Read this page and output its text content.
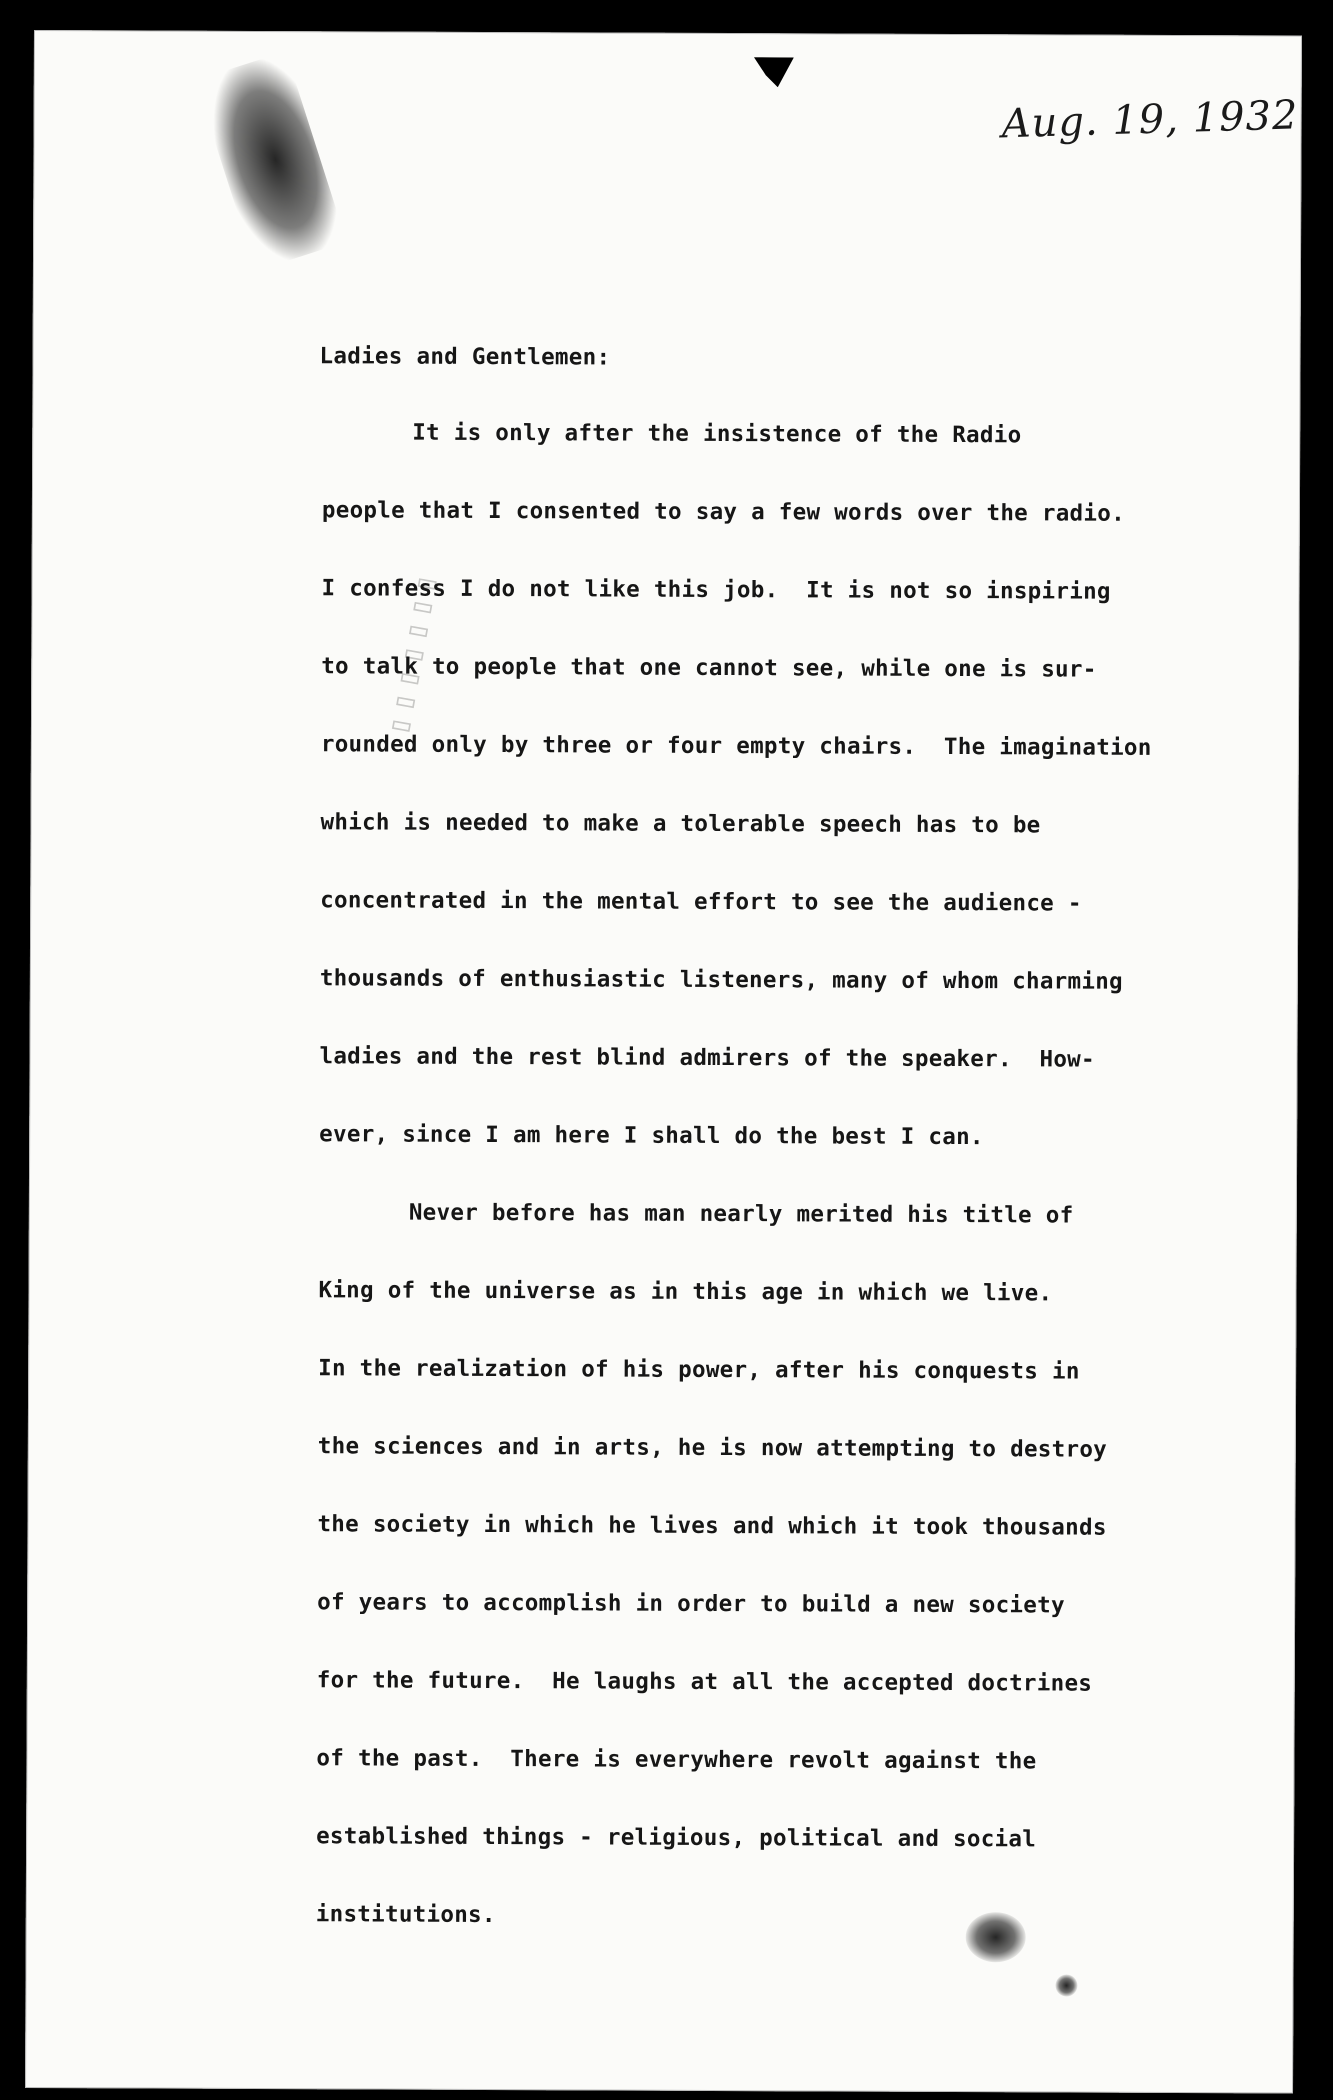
▯▯▯▯▯▯▯
Aug. 19, 1932
Ladies and Gentlemen:
It is only after the insistence of the Radio
people that I consented to say a few words over the radio.
I confess I do not like this job.  It is not so inspiring
to talk to people that one cannot see, while one is sur-
rounded only by three or four empty chairs.  The imagination
which is needed to make a tolerable speech has to be
concentrated in the mental effort to see the audience -
thousands of enthusiastic listeners, many of whom charming
ladies and the rest blind admirers of the speaker.  How-
ever, since I am here I shall do the best I can.
Never before has man nearly merited his title of
King of the universe as in this age in which we live.
In the realization of his power, after his conquests in
the sciences and in arts, he is now attempting to destroy
the society in which he lives and which it took thousands
of years to accomplish in order to build a new society
for the future.  He laughs at all the accepted doctrines
of the past.  There is everywhere revolt against the
established things - religious, political and social
institutions.
